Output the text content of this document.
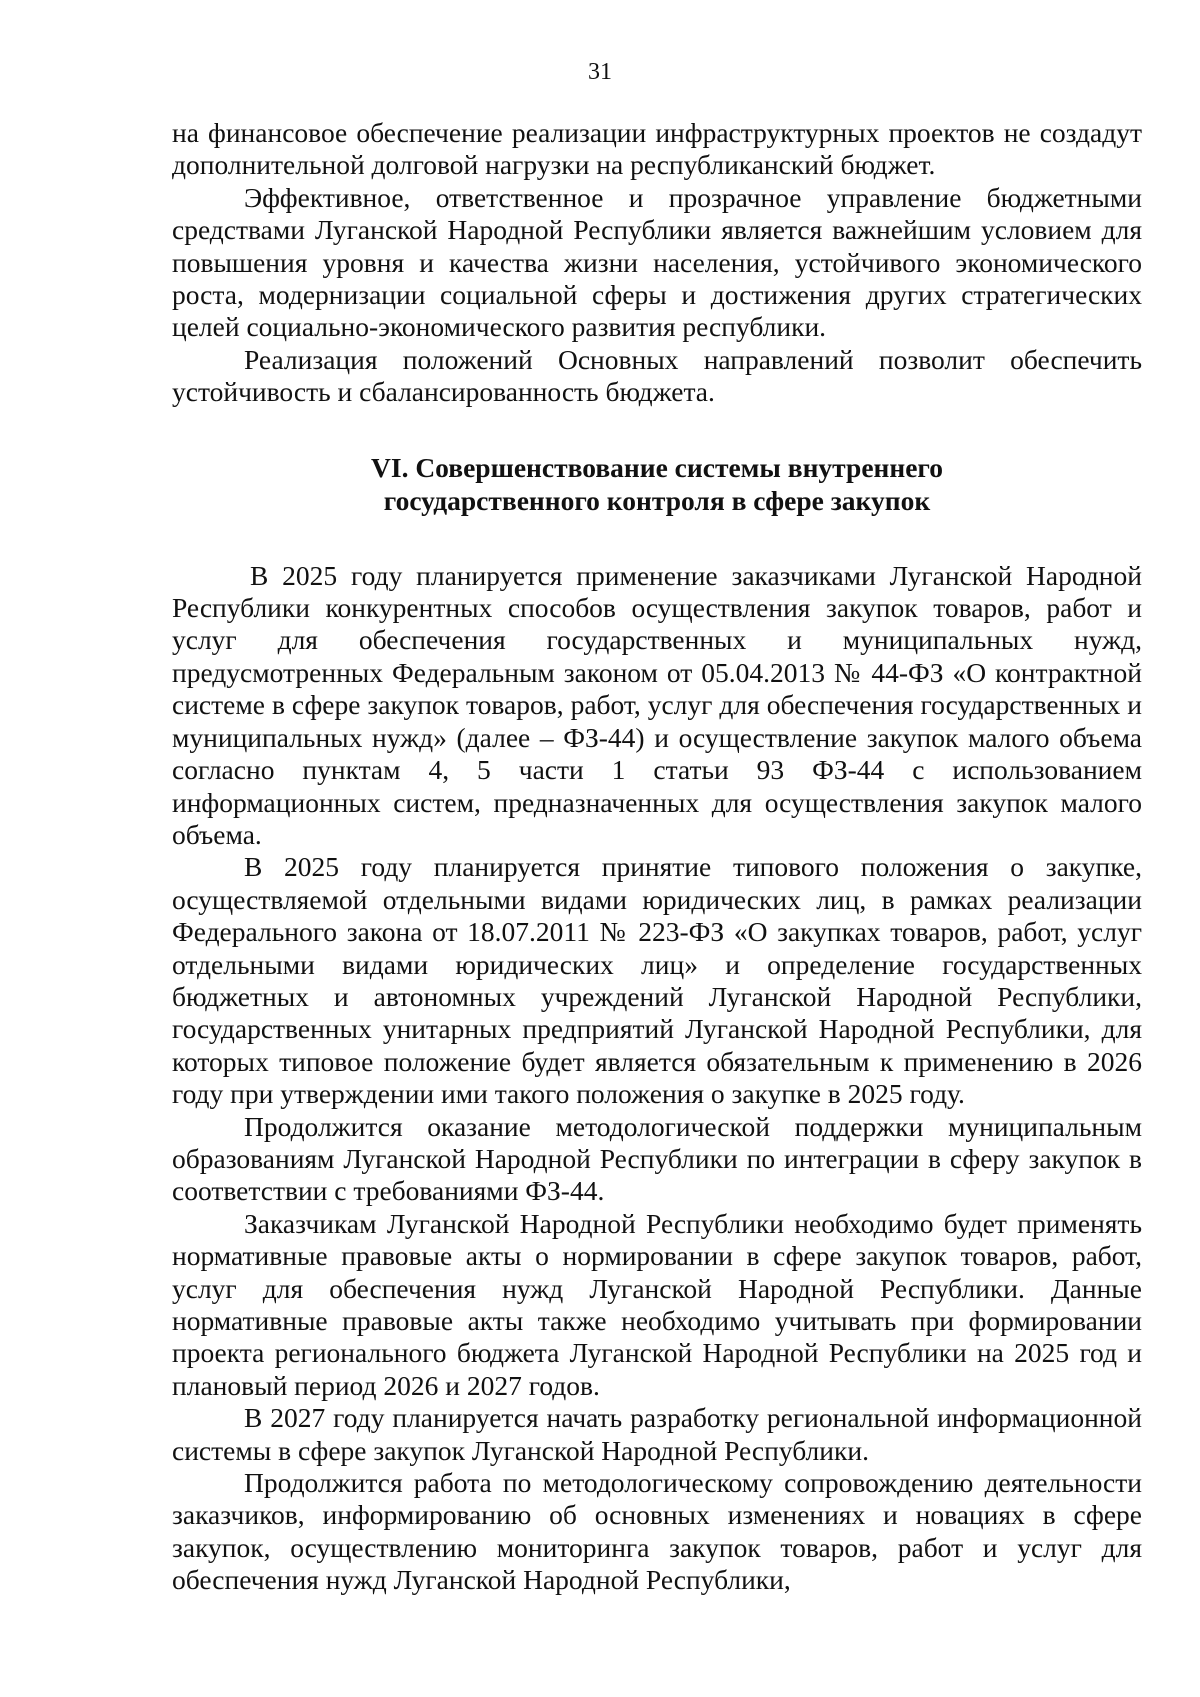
31

на финансовое обеспечение реализации инфраструктурных проектов не создадут дополнительной долговой нагрузки на республиканский бюджет.

Эффективное, ответственное и прозрачное управление бюджетными средствами Луганской Народной Республики является важнейшим условием для повышения уровня и качества жизни населения, устойчивого экономического роста, модернизации социальной сферы и достижения других стратегических целей социально-экономического развития республики.

Реализация положений Основных направлений позволит обеспечить устойчивость и сбалансированность бюджета.

VI. Совершенствование системы внутреннего
государственного контроля в сфере закупок

В 2025 году планируется применение заказчиками Луганской Народной Республики конкурентных способов осуществления закупок товаров, работ и услуг для обеспечения государственных и муниципальных нужд, предусмотренных Федеральным законом от 05.04.2013 № 44-ФЗ «О контрактной системе в сфере закупок товаров, работ, услуг для обеспечения государственных и муниципальных нужд» (далее – ФЗ-44) и осуществление закупок малого объема согласно пунктам 4, 5 части 1 статьи 93 ФЗ-44 с использованием информационных систем, предназначенных для осуществления закупок малого объема.

В 2025 году планируется принятие типового положения о закупке, осуществляемой отдельными видами юридических лиц, в рамках реализации Федерального закона от 18.07.2011 № 223-ФЗ «О закупках товаров, работ, услуг отдельными видами юридических лиц» и определение государственных бюджетных и автономных учреждений Луганской Народной Республики, государственных унитарных предприятий Луганской Народной Республики, для которых типовое положение будет является обязательным к применению в 2026 году при утверждении ими такого положения о закупке в 2025 году.

Продолжится оказание методологической поддержки муниципальным образованиям Луганской Народной Республики по интеграции в сферу закупок в соответствии с требованиями ФЗ-44.

Заказчикам Луганской Народной Республики необходимо будет применять нормативные правовые акты о нормировании в сфере закупок товаров, работ, услуг для обеспечения нужд Луганской Народной Республики. Данные нормативные правовые акты также необходимо учитывать при формировании проекта регионального бюджета Луганской Народной Республики на 2025 год и плановый период 2026 и 2027 годов.

В 2027 году планируется начать разработку региональной информационной системы в сфере закупок Луганской Народной Республики.

Продолжится работа по методологическому сопровождению деятельности заказчиков, информированию об основных изменениях и новациях в сфере закупок, осуществлению мониторинга закупок товаров, работ и услуг для обеспечения нужд Луганской Народной Республики,
